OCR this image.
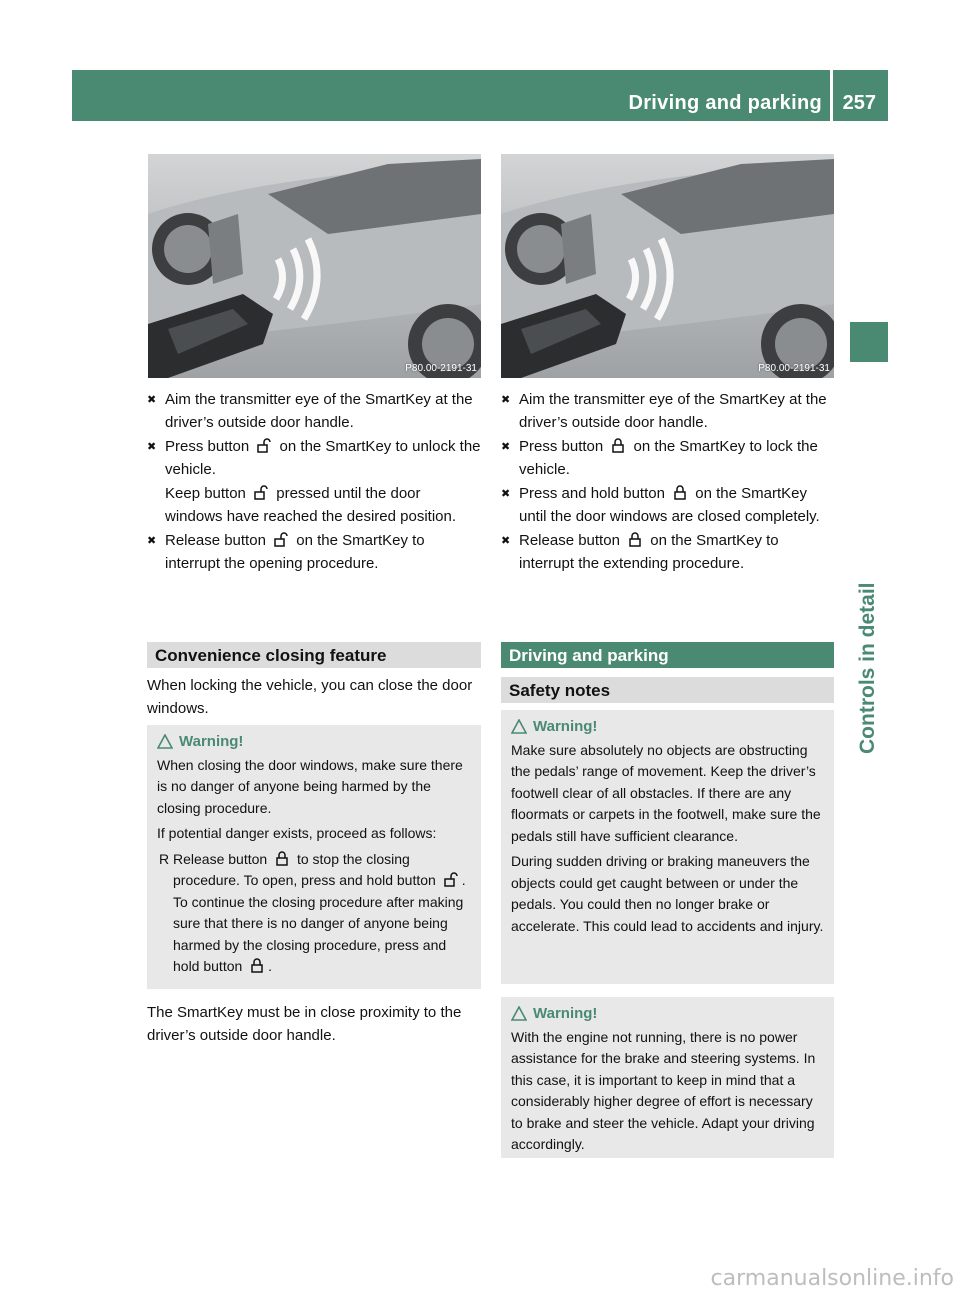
Driving and parking 257
Controls in detail
P80.00-2191-31	P80.00-2191-31
✖ Aim the transmitter eye of the SmartKey at the driver’s outside door handle.

✖ Press button  on the SmartKey to unlock the vehicle.

Keep button  pressed until the door windows have reached the desired position.

✖ Release button  on the SmartKey to interrupt the opening procedure.

✖ Aim the transmitter eye of the SmartKey at the driver’s outside door handle.

✖ Press button  on the SmartKey to lock the vehicle.

✖ Press and hold button  on the SmartKey until the door windows are closed completely.

✖ Release button  on the SmartKey to interrupt the extending procedure.

Convenience closing feature
When locking the vehicle, you can close the door windows.
Warning!

When closing the door windows, make sure there is no danger of anyone being harmed by the closing procedure.

If potential danger exists, proceed as follows:

R Release button  to stop the closing procedure. To open, press and hold button . To continue the closing procedure after making sure that there is no danger of anyone being harmed by the closing procedure, press and hold button .
The SmartKey must be in close proximity to the driver’s outside door handle.
Driving and parking
Safety notes
Warning!

Make sure absolutely no objects are obstructing the pedals’ range of movement. Keep the driver’s footwell clear of all obstacles. If there are any floormats or carpets in the footwell, make sure the pedals still have sufficient clearance.

During sudden driving or braking maneuvers the objects could get caught between or under the pedals. You could then no longer brake or accelerate. This could lead to accidents and injury.

Warning!

With the engine not running, there is no power assistance for the brake and steering systems. In this case, it is important to keep in mind that a considerably higher degree of effort is necessary to brake and steer the vehicle. Adapt your driving accordingly.

carmanualsonline.info
